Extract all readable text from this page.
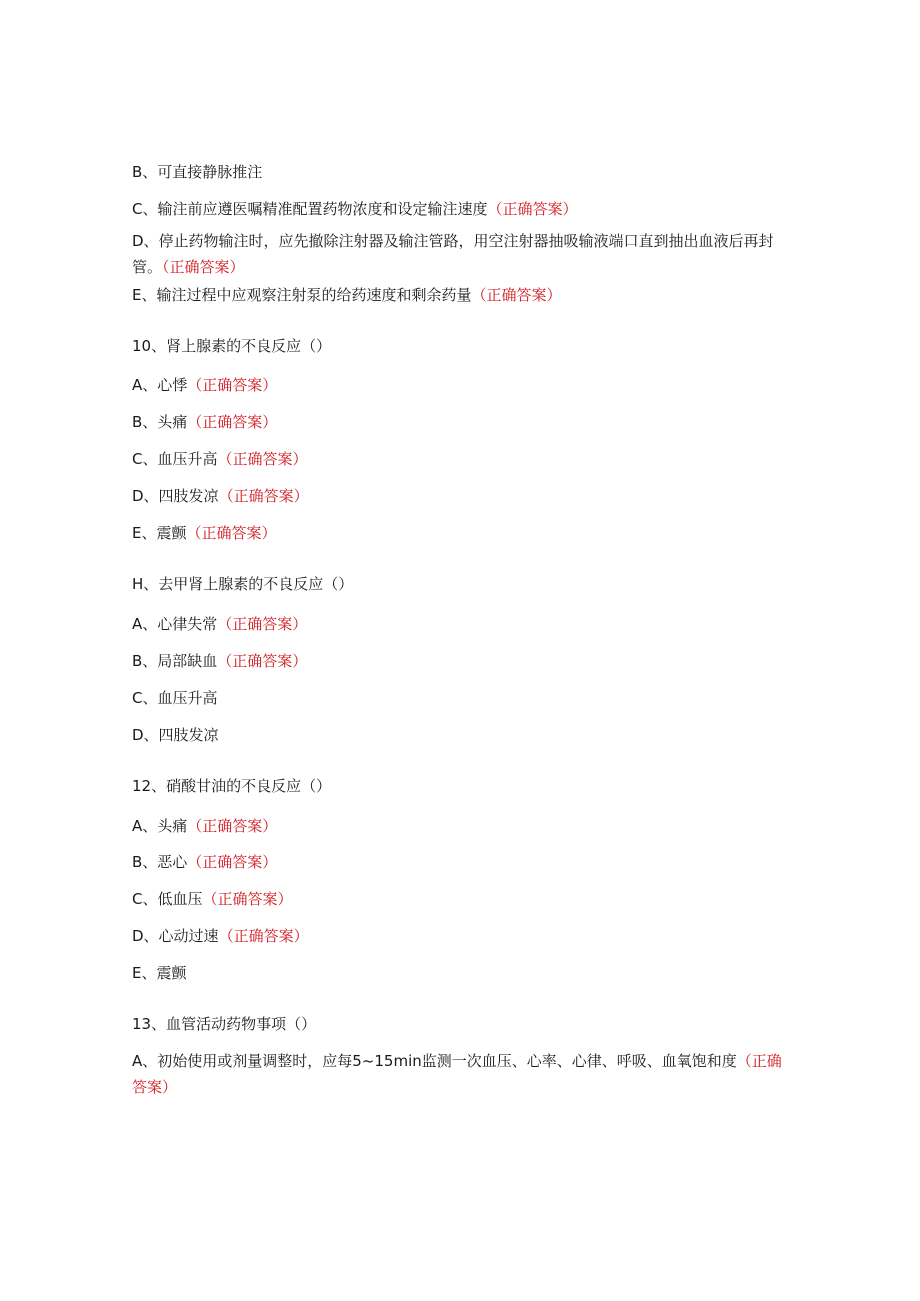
B、可直接静脉推注
C、输注前应遵医嘱精准配置药物浓度和设定输注速度（正确答案）
D、停止药物输注时，应先撤除注射器及输注管路，用空注射器抽吸输液端口直到抽出血液后再封管。（正确答案）
E、输注过程中应观察注射泵的给药速度和剩余药量（正确答案）
10、肾上腺素的不良反应（）
A、心悸（正确答案）
B、头痛（正确答案）
C、血压升高（正确答案）
D、四肢发凉（正确答案）
E、震颤（正确答案）
H、去甲肾上腺素的不良反应（）
A、心律失常（正确答案）
B、局部缺血（正确答案）
C、血压升高
D、四肢发凉
12、硝酸甘油的不良反应（）
A、头痛（正确答案）
B、恶心（正确答案）
C、低血压（正确答案）
D、心动过速（正确答案）
E、震颤
13、血管活动药物事项（）
A、初始使用或剂量调整时，应每5~15min监测一次血压、心率、心律、呼吸、血氧饱和度（正确答案）
